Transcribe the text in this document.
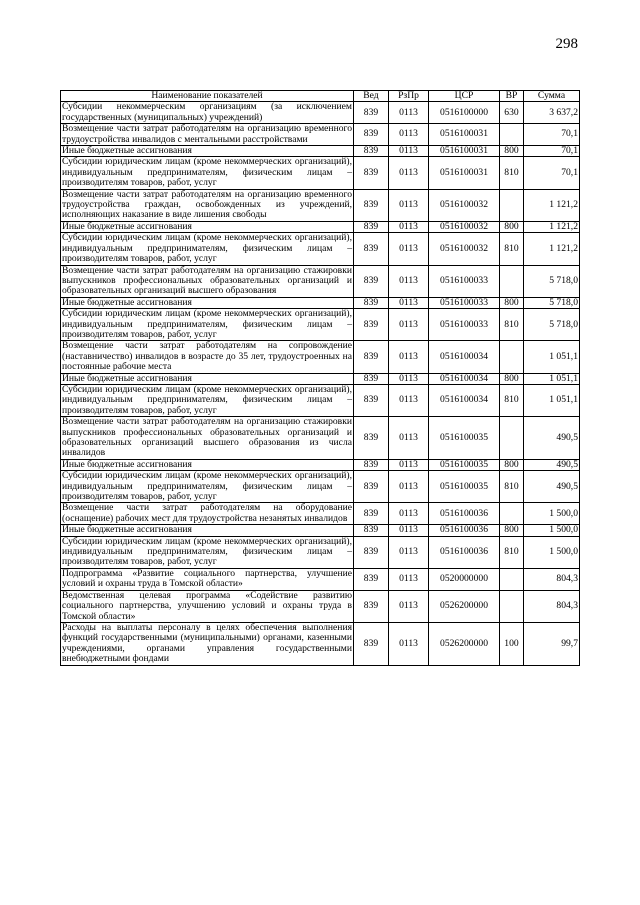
298
Наименование показателей	Вед	РзПр	ЦСР	ВР	Сумма
Субсидии некоммерческим организациям (за исключением государственных (муниципальных) учреждений)	839	0113	0516100000	630	3 637,2
Возмещение части затрат работодателям на организацию временного трудоустройства инвалидов с ментальными расстройствами	839	0113	0516100031		70,1
Иные бюджетные ассигнования	839	0113	0516100031	800	70,1
Субсидии юридическим лицам (кроме некоммерческих организаций), индивидуальным предпринимателям, физическим лицам – производителям товаров, работ, услуг	839	0113	0516100031	810	70,1
Возмещение части затрат работодателям на организацию временного трудоустройства граждан, освобожденных из учреждений, исполняющих наказание в виде лишения свободы	839	0113	0516100032		1 121,2
Иные бюджетные ассигнования	839	0113	0516100032	800	1 121,2
Субсидии юридическим лицам (кроме некоммерческих организаций), индивидуальным предпринимателям, физическим лицам – производителям товаров, работ, услуг	839	0113	0516100032	810	1 121,2
Возмещение части затрат работодателям на организацию стажировки выпускников профессиональных образовательных организаций и образовательных организаций высшего образования	839	0113	0516100033		5 718,0
Иные бюджетные ассигнования	839	0113	0516100033	800	5 718,0
Субсидии юридическим лицам (кроме некоммерческих организаций), индивидуальным предпринимателям, физическим лицам – производителям товаров, работ, услуг	839	0113	0516100033	810	5 718,0
Возмещение части затрат работодателям на сопровождение (наставничество) инвалидов в возрасте до 35 лет, трудоустроенных на постоянные рабочие места	839	0113	0516100034		1 051,1
Иные бюджетные ассигнования	839	0113	0516100034	800	1 051,1
Субсидии юридическим лицам (кроме некоммерческих организаций), индивидуальным предпринимателям, физическим лицам – производителям товаров, работ, услуг	839	0113	0516100034	810	1 051,1
Возмещение части затрат работодателям на организацию стажировки выпускников профессиональных образовательных организаций и образовательных организаций высшего образования из числа инвалидов	839	0113	0516100035		490,5
Иные бюджетные ассигнования	839	0113	0516100035	800	490,5
Субсидии юридическим лицам (кроме некоммерческих организаций), индивидуальным предпринимателям, физическим лицам – производителям товаров, работ, услуг	839	0113	0516100035	810	490,5
Возмещение части затрат работодателям на оборудование (оснащение) рабочих мест для трудоустройства незанятых инвалидов	839	0113	0516100036		1 500,0
Иные бюджетные ассигнования	839	0113	0516100036	800	1 500,0
Субсидии юридическим лицам (кроме некоммерческих организаций), индивидуальным предпринимателям, физическим лицам – производителям товаров, работ, услуг	839	0113	0516100036	810	1 500,0
Подпрограмма «Развитие социального партнерства, улучшение условий и охраны труда в Томской области»	839	0113	0520000000		804,3
Ведомственная целевая программа «Содействие развитию социального партнерства, улучшению условий и охраны труда в Томской области»	839	0113	0526200000		804,3
Расходы на выплаты персоналу в целях обеспечения выполнения функций государственными (муниципальными) органами, казенными учреждениями, органами управления государственными внебюджетными фондами	839	0113	0526200000	100	99,7
